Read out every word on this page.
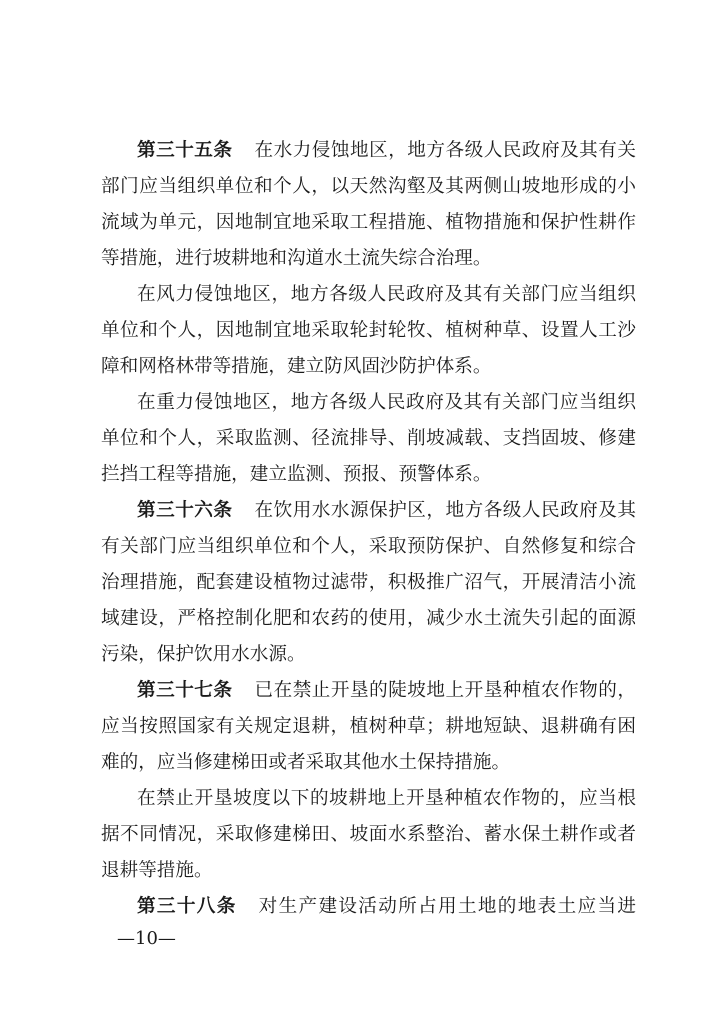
第三十五条 在水力侵蚀地区，地方各级人民政府及其有关
部门应当组织单位和个人，以天然沟壑及其两侧山坡地形成的小
流域为单元，因地制宜地采取工程措施、植物措施和保护性耕作
等措施，进行坡耕地和沟道水土流失综合治理。
在风力侵蚀地区，地方各级人民政府及其有关部门应当组织
单位和个人，因地制宜地采取轮封轮牧、植树种草、设置人工沙
障和网格林带等措施，建立防风固沙防护体系。
在重力侵蚀地区，地方各级人民政府及其有关部门应当组织
单位和个人，采取监测、径流排导、削坡减载、支挡固坡、修建
拦挡工程等措施，建立监测、预报、预警体系。
第三十六条 在饮用水水源保护区，地方各级人民政府及其
有关部门应当组织单位和个人，采取预防保护、自然修复和综合
治理措施，配套建设植物过滤带，积极推广沼气，开展清洁小流
域建设，严格控制化肥和农药的使用，减少水土流失引起的面源
污染，保护饮用水水源。
第三十七条 已在禁止开垦的陡坡地上开垦种植农作物的，
应当按照国家有关规定退耕，植树种草；耕地短缺、退耕确有困
难的，应当修建梯田或者采取其他水土保持措施。
在禁止开垦坡度以下的坡耕地上开垦种植农作物的，应当根
据不同情况，采取修建梯田、坡面水系整治、蓄水保土耕作或者
退耕等措施。
第三十八条 对生产建设活动所占用土地的地表土应当进
—10—
